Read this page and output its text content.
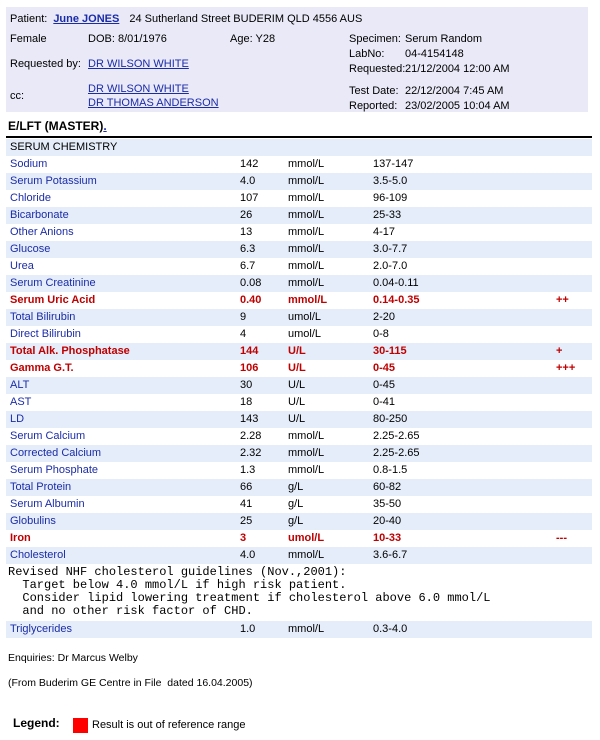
Patient: June JONES 24 Sutherland Street BUDERIM QLD 4556 AUS
Female	DOB: 8/01/1976	Age: Y28
Requested by: DR WILSON WHITE
cc:
DR WILSON WHITE
DR THOMAS ANDERSON
Specimen: Serum Random
LabNo: 04-4154148
Requested: 21/12/2004 12:00 AM
Test Date: 22/12/2004 7:45 AM
Reported: 23/02/2005 10:04 AM
E/LFT (MASTER).
SERUM CHEMISTRY
Sodium	142	mmol/L	137-147
Serum Potassium	4.0	mmol/L	3.5-5.0
Chloride	107	mmol/L	96-109
Bicarbonate	26	mmol/L	25-33
Other Anions	13	mmol/L	4-17
Glucose	6.3	mmol/L	3.0-7.7
Urea	6.7	mmol/L	2.0-7.0
Serum Creatinine	0.08 mmol/L	0.04-0.11
Serum Uric Acid	0.40 mmol/L	0.14-0.35	++
Total Bilirubin	9	umol/L	2-20
Direct Bilirubin	4	umol/L	0-8
Total Alk. Phosphatase	144	U/L	30-115	+
Gamma G.T.	106	U/L	0-45	+++
ALT	30	U/L	0-45
AST	18	U/L	0-41
LD	143	U/L	80-250
Serum Calcium	2.28 mmol/L	2.25-2.65
Corrected Calcium	2.32 mmol/L	2.25-2.65
Serum Phosphate	1.3	mmol/L	0.8-1.5
Total Protein	66	g/L	60-82
Serum Albumin	41	g/L	35-50
Globulins	25	g/L	20-40
Iron	3	umol/L	10-33	---
Cholesterol	4.0	mmol/L	3.6-6.7
Revised NHF cholesterol guidelines (Nov.,2001):
Target below 4.0 mmol/L if high risk patient.
Consider lipid lowering treatment if cholesterol above 6.0 mmol/L
and no other risk factor of CHD.
Triglycerides	1.0	mmol/L	0.3-4.0
Enquiries: Dr Marcus Welby
(From Buderim GE Centre in File  dated 16.04.2005)
Legend:	Result is out of reference range
